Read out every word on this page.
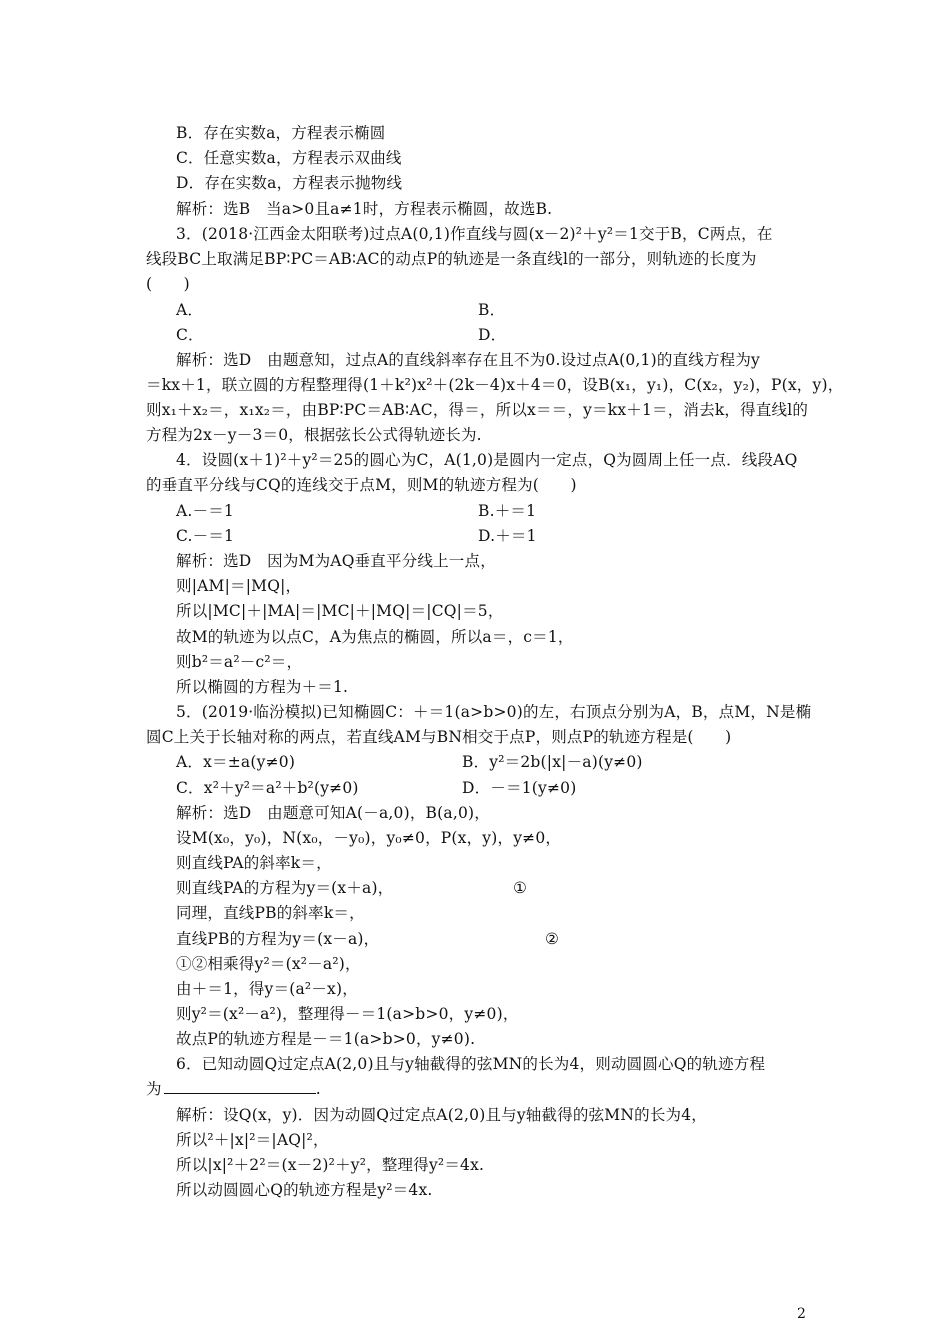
B．存在实数a，方程表示椭圆
C．任意实数a，方程表示双曲线
D．存在实数a，方程表示抛物线
解析：选B　当a>0且a≠1时，方程表示椭圆，故选B.
3．(2018·江西金太阳联考)过点A(0,1)作直线与圆(x－2)²＋y²＝1交于B，C两点，在
线段BC上取满足BP∶PC＝AB∶AC的动点P的轨迹是一条直线l的一部分，则轨迹的长度为
(　　)
A．	B．
C．	D．
解析：选D　由题意知，过点A的直线斜率存在且不为0.设过点A(0,1)的直线方程为y
＝kx＋1，联立圆的方程整理得(1＋k²)x²＋(2k－4)x＋4＝0，设B(x₁，y₁)，C(x₂，y₂)，P(x，y)，
则x₁＋x₂＝，x₁x₂＝，由BP∶PC＝AB∶AC，得＝，所以x＝＝，y＝kx＋1＝，消去k，得直线l的
方程为2x－y－3＝0，根据弦长公式得轨迹长为.
4．设圆(x＋1)²＋y²＝25的圆心为C，A(1,0)是圆内一定点，Q为圆周上任一点．线段AQ
的垂直平分线与CQ的连线交于点M，则M的轨迹方程为(　　)
A.－＝1	B.＋＝1
C.－＝1	D.＋＝1
解析：选D　因为M为AQ垂直平分线上一点，
则|AM|＝|MQ|，
所以|MC|＋|MA|＝|MC|＋|MQ|＝|CQ|＝5，
故M的轨迹为以点C，A为焦点的椭圆，所以a＝，c＝1，
则b²＝a²－c²＝，
所以椭圆的方程为＋＝1.
5．(2019·临汾模拟)已知椭圆C：＋＝1(a>b>0)的左，右顶点分别为A，B，点M，N是椭
圆C上关于长轴对称的两点，若直线AM与BN相交于点P，则点P的轨迹方程是(　　)
A．x＝±a(y≠0)	B．y²＝2b(|x|－a)(y≠0)
C．x²＋y²＝a²＋b²(y≠0)	D．－＝1(y≠0)
解析：选D　由题意可知A(－a,0)，B(a,0)，
设M(x₀，y₀)，N(x₀，－y₀)，y₀≠0，P(x，y)，y≠0，
则直线PA的斜率k＝，
则直线PA的方程为y＝(x＋a)，	①
同理，直线PB的斜率k＝，
直线PB的方程为y＝(x－a)，	②
①②相乘得y²＝(x²－a²)，
由＋＝1，得y＝(a²－x)，
则y²＝(x²－a²)，整理得－＝1(a>b>0，y≠0)，
故点P的轨迹方程是－＝1(a>b>0，y≠0).
6．已知动圆Q过定点A(2,0)且与y轴截得的弦MN的长为4，则动圆圆心Q的轨迹方程
为	.
解析：设Q(x，y)．因为动圆Q过定点A(2,0)且与y轴截得的弦MN的长为4，
所以²＋|x|²＝|AQ|²，
所以|x|²＋2²＝(x－2)²＋y²，整理得y²＝4x.
所以动圆圆心Q的轨迹方程是y²＝4x.
2
